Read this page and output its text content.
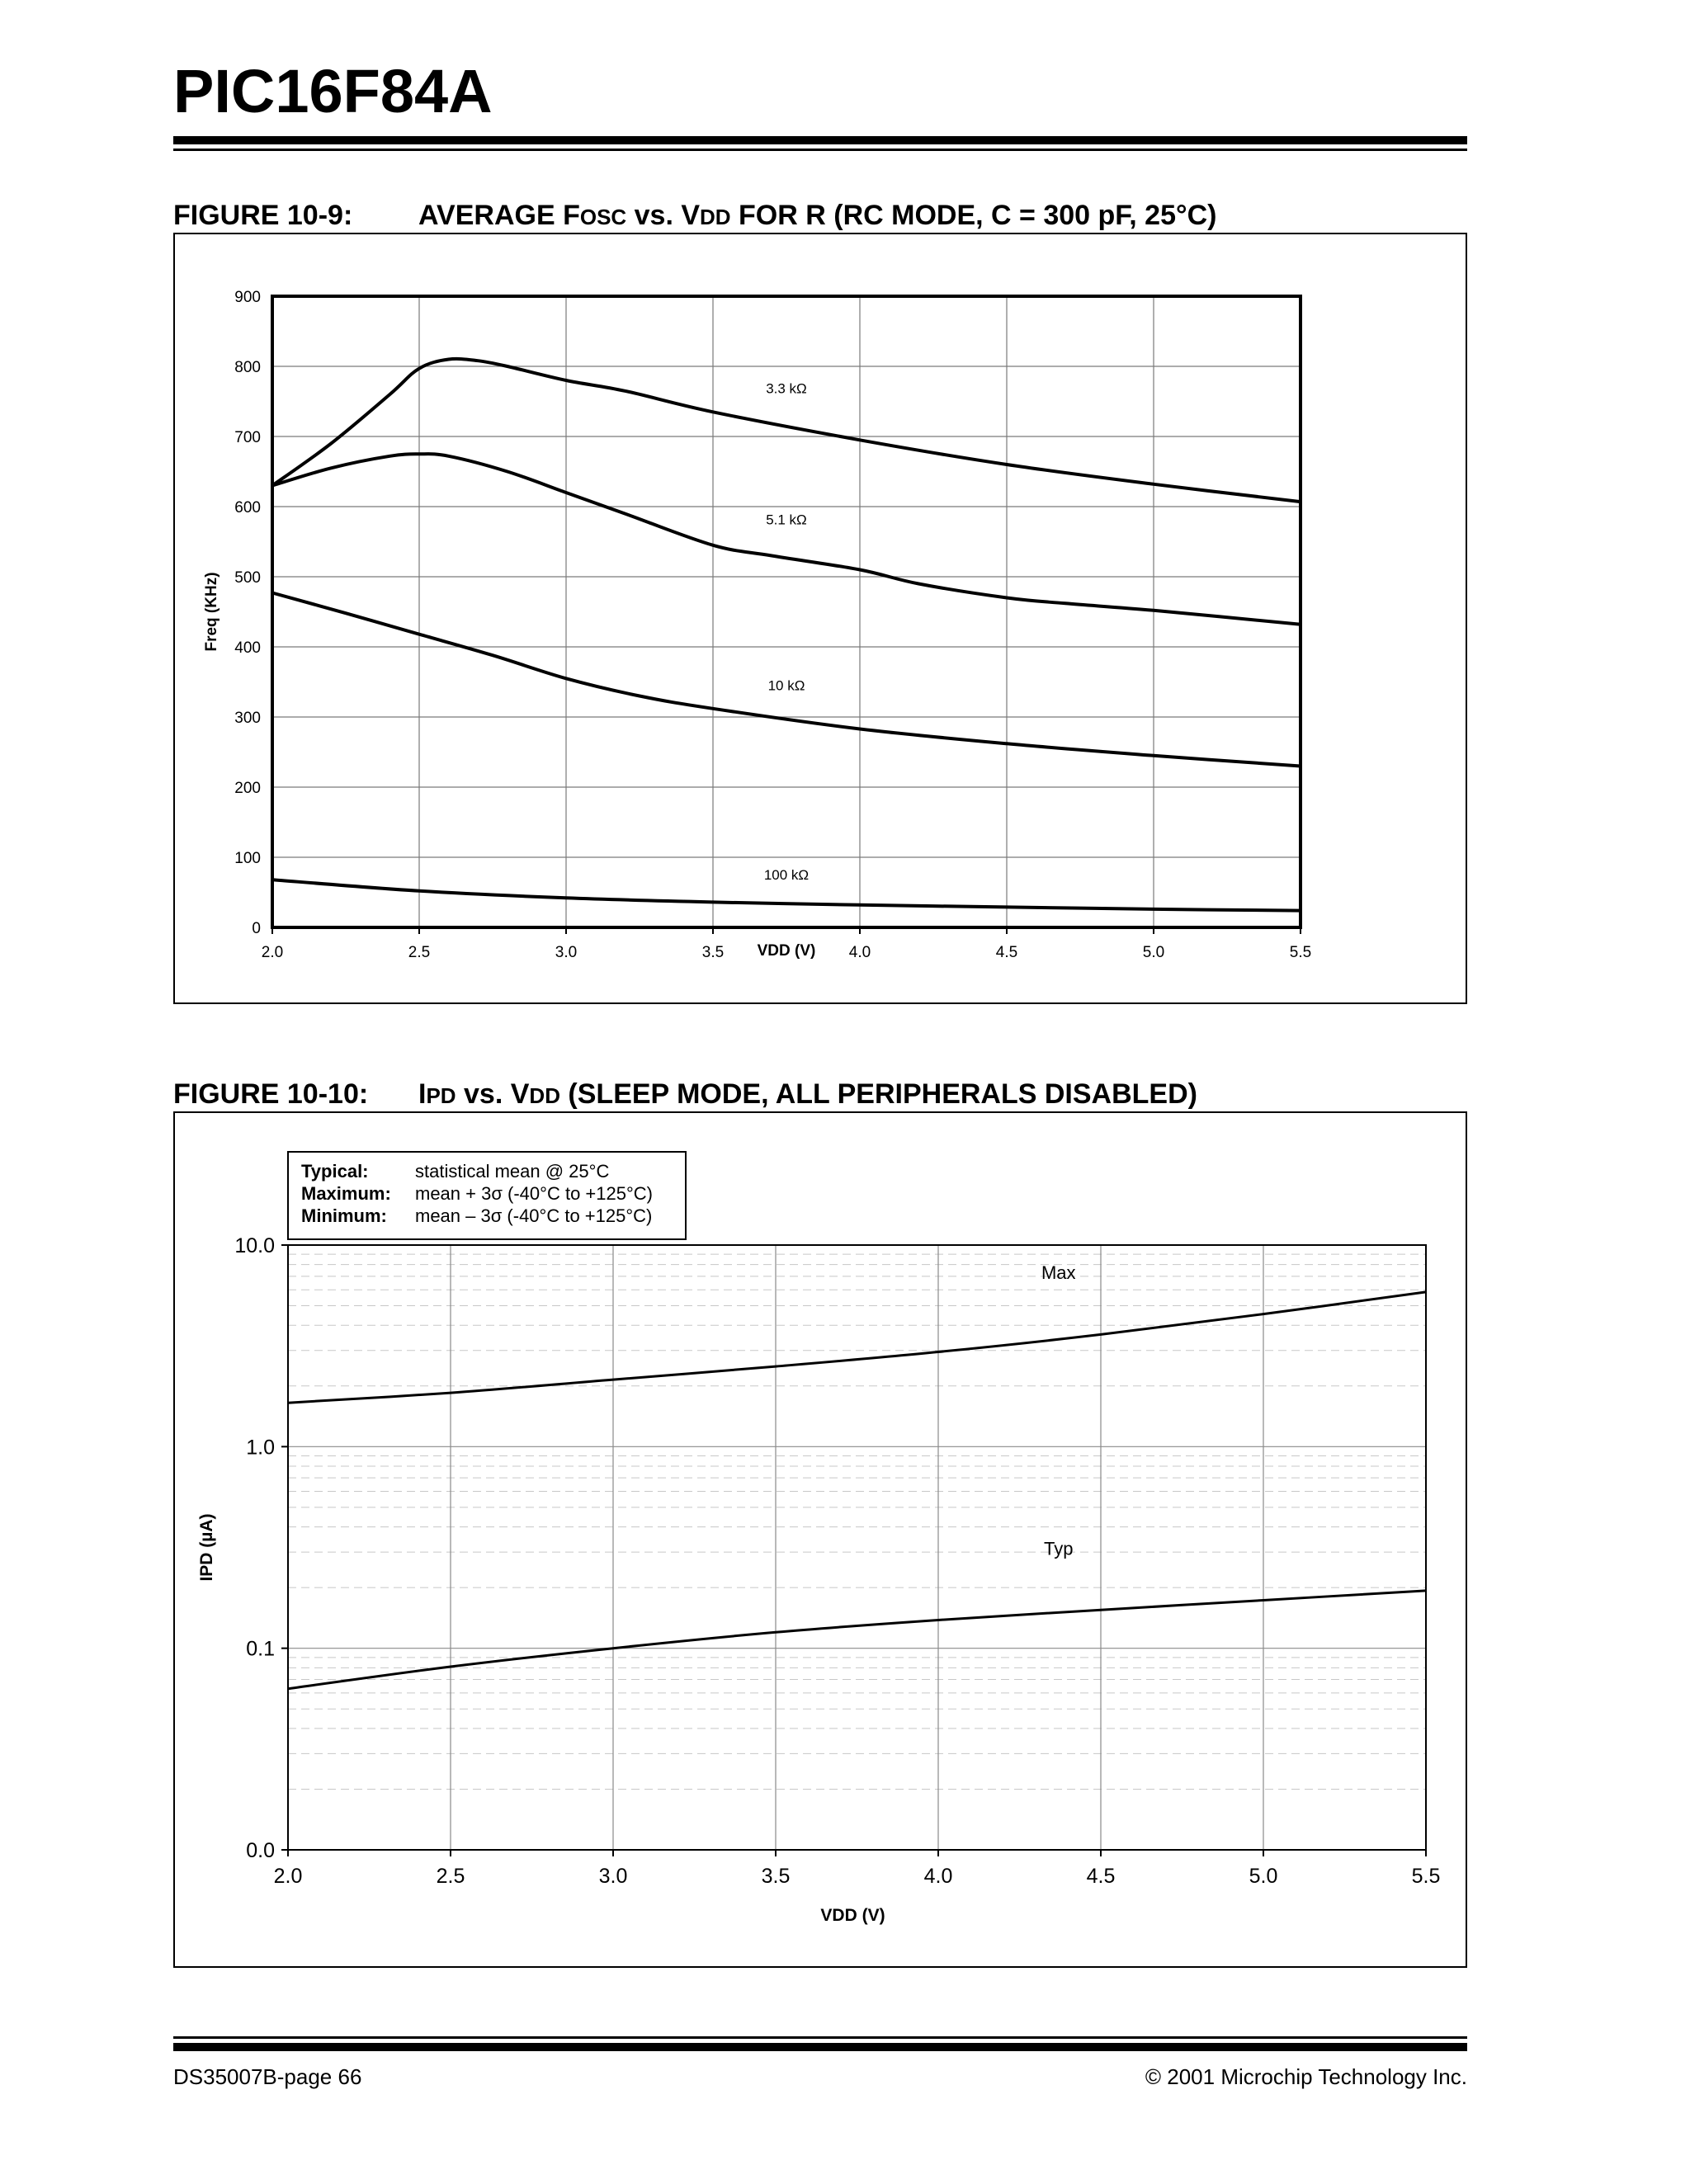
PIC16F84A
FIGURE 10-9: AVERAGE FOSC vs. VDD FOR R (RC MODE, C = 300 pF, 25°C)
0
100
200
300
400
500
600
700
800
900
2.0	2.5	3.0	3.5	4.0	4.5	5.0	5.5
3.3 kΩ
5.1 kΩ
10 kΩ
100 kΩ
Freq (KHz)
VDD (V)
FIGURE 10-10: IPD vs. VDD (SLEEP MODE, ALL PERIPHERALS DISABLED)
0.0
0.1
1.0
10.0
2.0	2.5	3.0	3.5	4.0	4.5	5.0	5.5
Max
Typ
Typical:	statistical mean @ 25°C
Maximum: mean + 3σ (-40°C to +125°C)
Minimum: mean – 3σ (-40°C to +125°C)
IPD (µA)
VDD (V)
DS35007B-page 66	© 2001 Microchip Technology Inc.
